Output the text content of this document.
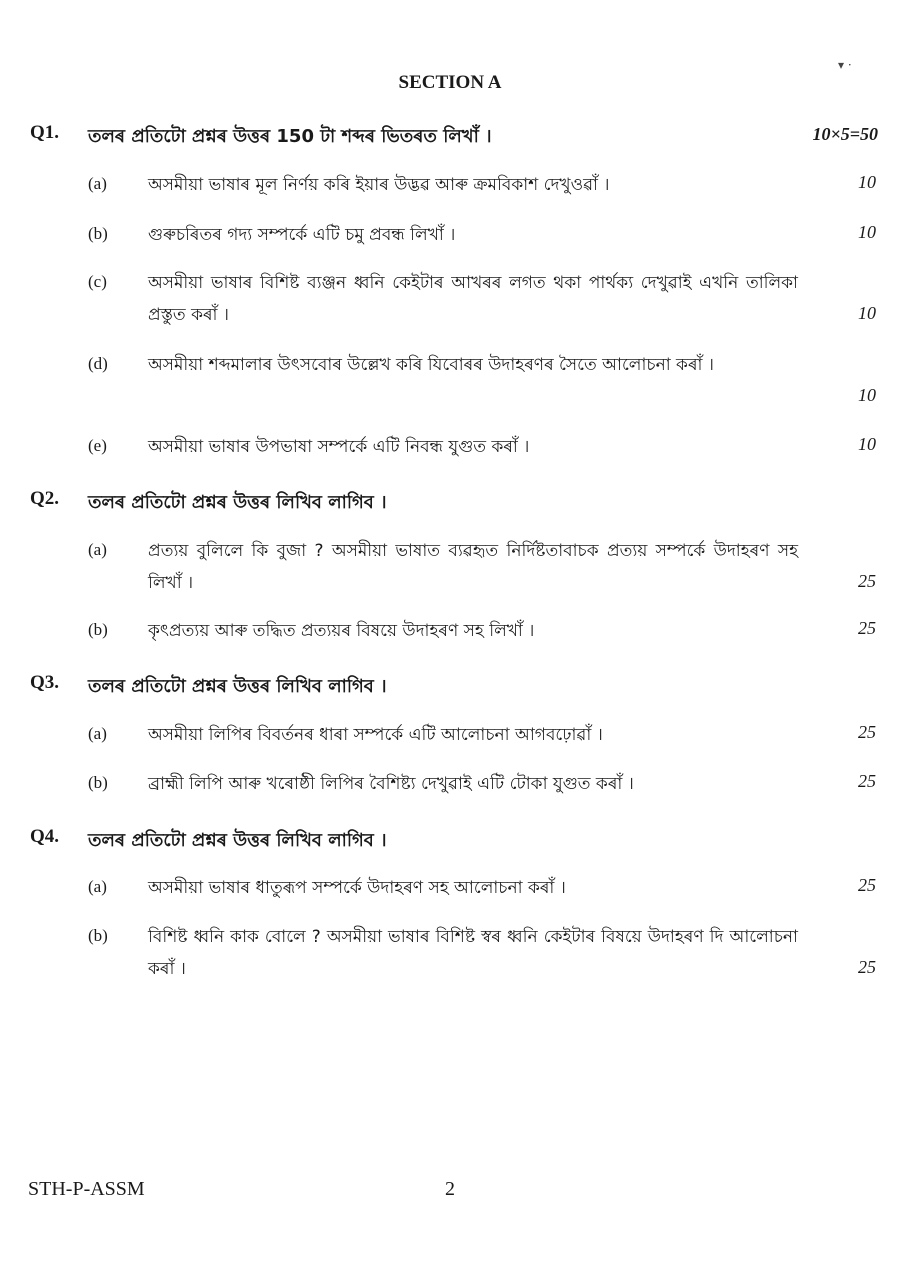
▾ ·
SECTION A
Q1. তলৰ প্ৰতিটো প্ৰশ্নৰ উত্তৰ 150 টা শব্দৰ ভিতৰত লিখাঁ ।	10×5=50
(a) অসমীয়া ভাষাৰ মূল নিৰ্ণয় কৰি ইয়াৰ উদ্ভৱ আৰু ক্ৰমবিকাশ দেখুওৱাঁ ।	10
(b) গুৰুচৰিতৰ গদ্য সম্পৰ্কে এটি চমু প্ৰবন্ধ লিখাঁ ।	10
(c) অসমীয়া ভাষাৰ বিশিষ্ট ব্যঞ্জন ধ্বনি কেইটাৰ আখৰৰ লগত থকা পাৰ্থক্য দেখুৱাই এখনি তালিকা প্ৰস্তুত কৰাঁ ।	10
(d) অসমীয়া শব্দমালাৰ উৎসবোৰ উল্লেখ কৰি যিবোৰৰ উদাহৰণৰ সৈতে আলোচনা কৰাঁ ।
10
(e) অসমীয়া ভাষাৰ উপভাষা সম্পৰ্কে এটি নিবন্ধ যুগুত কৰাঁ ।	10
Q2. তলৰ প্ৰতিটো প্ৰশ্নৰ উত্তৰ লিখিব লাগিব ।
(a) প্ৰত্যয় বুলিলে কি বুজা ? অসমীয়া ভাষাত ব্যৱহৃত নিৰ্দিষ্টতাবাচক প্ৰত্যয় সম্পৰ্কে উদাহৰণ সহ লিখাঁ ।	25
(b) কৃৎপ্ৰত্যয় আৰু তদ্ধিত প্ৰত্যয়ৰ বিষয়ে উদাহৰণ সহ লিখাঁ ।	25
Q3. তলৰ প্ৰতিটো প্ৰশ্নৰ উত্তৰ লিখিব লাগিব ।
(a) অসমীয়া লিপিৰ বিবৰ্তনৰ ধাৰা সম্পৰ্কে এটি আলোচনা আগবঢ়োৱাঁ ।	25
(b) ব্ৰাহ্মী লিপি আৰু খৰোষ্ঠী লিপিৰ বৈশিষ্ট্য দেখুৱাই এটি টোকা যুগুত কৰাঁ ।	25
Q4. তলৰ প্ৰতিটো প্ৰশ্নৰ উত্তৰ লিখিব লাগিব ।
(a) অসমীয়া ভাষাৰ ধাতুৰূপ সম্পৰ্কে উদাহৰণ সহ আলোচনা কৰাঁ ।	25
(b) বিশিষ্ট ধ্বনি কাক বোলে ? অসমীয়া ভাষাৰ বিশিষ্ট স্বৰ ধ্বনি কেইটাৰ বিষয়ে উদাহৰণ দি আলোচনা কৰাঁ ।	25
STH-P-ASSM	2
